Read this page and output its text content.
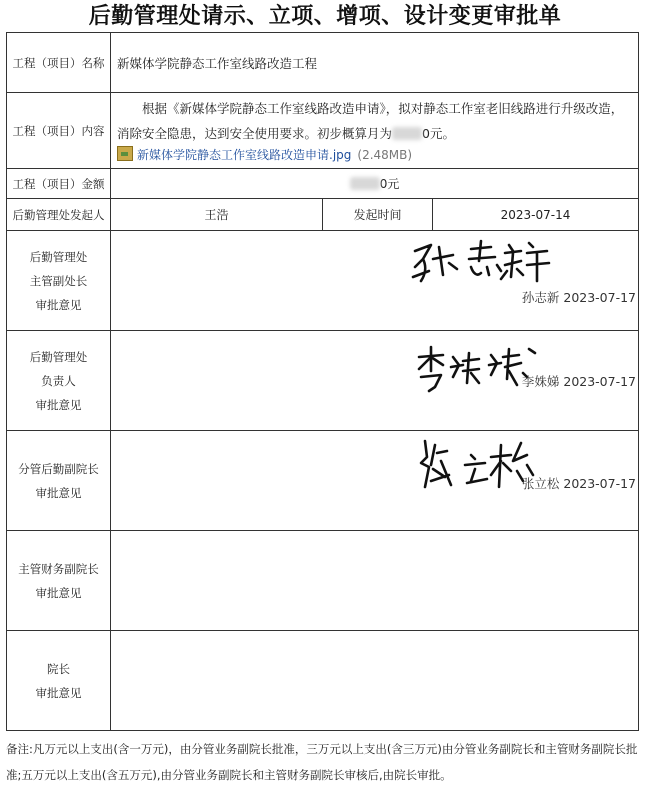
后勤管理处请示、立项、增项、设计变更审批单
工程（项目）名称	新媒体学院静态工作室线路改造工程		
工程（项目）内容	根据《新媒体学院静态工作室线路改造申请》，拟对静态工作室老旧线路进行升级改造，消除安全隐患，达到安全使用要求。初步概算月为 0元。
新媒体学院静态工作室线路改造申请.jpg (2.48MB)		

工程（项目）金额	0元		
后勤管理处发起人	王浩	发起时间	2023-07-14

后勤管理处
主管副处长
审批意见	孙志新 2023-07-17		

后勤管理处
负责人
审批意见	李姝娣 2023-07-17		

分管后勤副院长
审批意见	张立松 2023-07-17		

主管财务副院长
审批意见			

院长
审批意见			

备注:凡万元以上支出(含一万元)，由分管业务副院长批准，三万元以上支出(含三万元)由分管业务副院长和主管财务副院长批准;五万元以上支出(含五万元),由分管业务副院长和主管财务副院长审核后,由院长审批。
